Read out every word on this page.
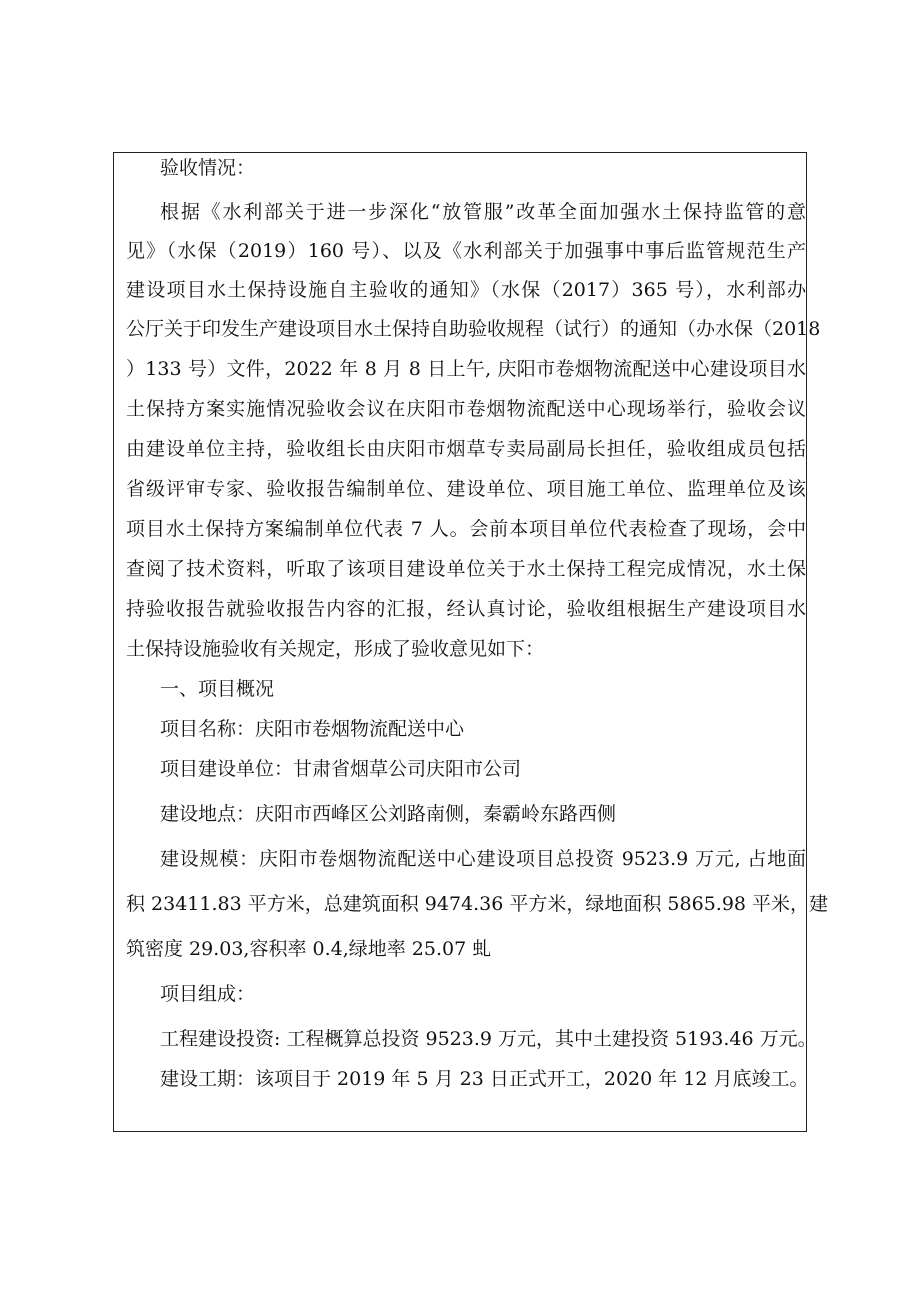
验收情况：
根据《水利部关于进一步深化“放管服”改革全面加强水土保持监管的意
见》（水保（2019）160 号）、以及《水利部关于加强事中事后监管规范生产
建设项目水土保持设施自主验收的通知》（水保（2017）365 号），水利部办
公厅关于印发生产建设项目水土保持自助验收规程（试行）的通知（办水保（2018
）133 号）文件，2022 年 8 月 8 日上午, 庆阳市卷烟物流配送中心建设项目水
土保持方案实施情况验收会议在庆阳市卷烟物流配送中心现场举行，验收会议
由建设单位主持，验收组长由庆阳市烟草专卖局副局长担任，验收组成员包括
省级评审专家、验收报告编制单位、建设单位、项目施工单位、监理单位及该
项目水土保持方案编制单位代表 7 人。会前本项目单位代表检查了现场，会中
查阅了技术资料，听取了该项目建设单位关于水土保持工程完成情况，水土保
持验收报告就验收报告内容的汇报，经认真讨论，验收组根据生产建设项目水
土保持设施验收有关规定，形成了验收意见如下：
一、项目概况
项目名称：庆阳市卷烟物流配送中心
项目建设单位：甘肃省烟草公司庆阳市公司
建设地点：庆阳市西峰区公刘路南侧，秦霸岭东路西侧
建设规模：庆阳市卷烟物流配送中心建设项目总投资 9523.9 万元, 占地面
积 23411.83 平方米，总建筑面积 9474.36 平方米，绿地面积 5865.98 平米，建
筑密度 29.03,容积率 0.4,绿地率 25.07 虬
项目组成：
工程建设投资: 工程概算总投资 9523.9 万元，其中土建投资 5193.46 万元。
建设工期：该项目于 2019 年 5 月 23 日正式开工，2020 年 12 月底竣工。
